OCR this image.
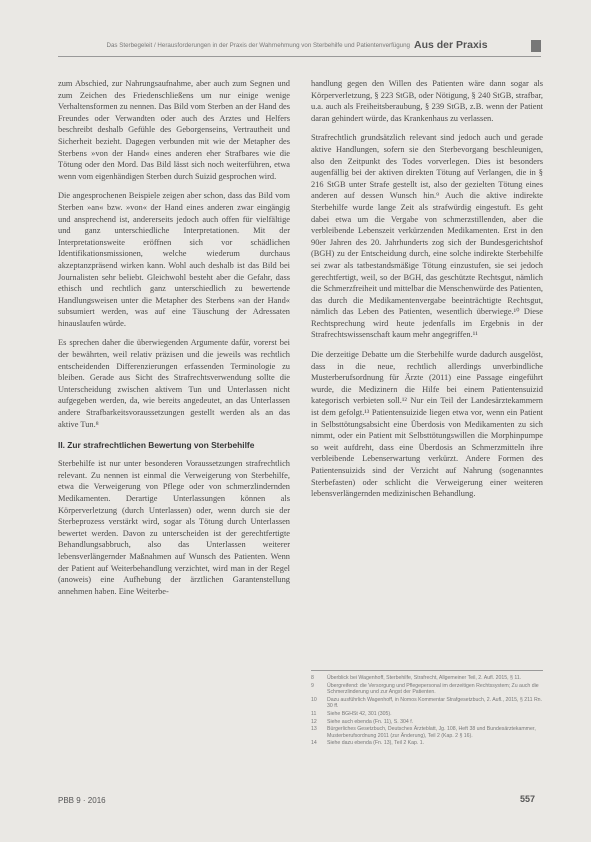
Das Sterbegeleit / Herausforderungen in der Praxis der Wahrnehmung von Sterbehilfe und Patientenverfügung Aus der Praxis

zum Abschied, zur Nahrungsaufnahme, aber auch zum Segnen und zum Zeichen des Friedenschließens um nur einige wenige Verhaltensformen zu nennen. Das Bild vom Sterben an der Hand des Freundes oder Verwandten oder auch des Arztes und Helfers beschreibt deshalb Gefühle des Geborgenseins, Vertrautheit und Sicherheit bezieht. Dagegen verbunden mit wie der Metapher des Sterbens »von der Hand« eines anderen eher Strafbares wie die Tötung oder den Mord. Das Bild lässt sich noch weiterführen, etwa wenn vom eigenhändigen Sterben durch Suizid gesprochen wird.

Die angesprochenen Beispiele zeigen aber schon, dass das Bild vom Sterben »an« bzw. »von« der Hand eines anderen zwar eingängig und ansprechend ist, andererseits jedoch auch offen für vielfältige und ganz unterschiedliche Interpretationen. Mit der Interpretationsweite eröffnen sich vor schädlichen Identifikationsmissionen, welche wiederum durchaus akzeptanzpräsend wirken kann. Wohl auch deshalb ist das Bild bei Journalisten sehr beliebt. Gleichwohl besteht aber die Gefahr, dass ethisch und rechtlich ganz unterschiedlich zu bewertende Handlungsweisen unter die Metapher des Sterbens »an der Hand« subsumiert werden, was auf eine Täuschung der Adressaten hinauslaufen würde.

Es sprechen daher die überwiegenden Argumente dafür, vorerst bei der bewährten, weil relativ präzisen und die jeweils was rechtlich entscheidenden Differenzierungen erfassenden Terminologie zu bleiben. Gerade aus Sicht des Strafrechtsverwendung sollte die Unterscheidung zwischen aktivem Tun und Unterlassen nicht aufgegeben werden, da, wie bereits angedeutet, an das Unterlassen andere Strafbarkeitsvoraussetzungen gestellt werden als an das aktive Tun.⁸

II. Zur strafrechtlichen Bewertung von Sterbehilfe

Sterbehilfe ist nur unter besonderen Voraussetzungen strafrechtlich relevant. Zu nennen ist einmal die Verweigerung von Sterbehilfe, etwa die Verweigerung von Pflege oder von schmerzlindernden Medikamenten. Derartige Unterlassungen können als Körperverletzung (durch Unterlassen) oder, wenn durch sie der Sterbeprozess verstärkt wird, sogar als Tötung durch Unterlassen bewertet werden. Davon zu unterscheiden ist der gerechtfertigte Behandlungsabbruch, also das Unterlassen weiterer lebensverlängernder Maßnahmen auf Wunsch des Patienten. Wenn der Patient auf Weiterbehandlung verzichtet, wird man in der Regel (anoweis) eine Aufhebung der ärztlichen Garantenstellung annehmen haben. Eine Weiterbe-

handlung gegen den Willen des Patienten wäre dann sogar als Körperverletzung, § 223 StGB, oder Nötigung, § 240 StGB, strafbar, u.a. auch als Freiheitsberaubung, § 239 StGB, z.B. wenn der Patient daran gehindert würde, das Krankenhaus zu verlassen.

Strafrechtlich grundsätzlich relevant sind jedoch auch und gerade aktive Handlungen, sofern sie den Sterbevorgang beschleunigen, also den Zeitpunkt des Todes vorverlegen. Dies ist besonders augenfällig bei der aktiven direkten Tötung auf Verlangen, die in § 216 StGB unter Strafe gestellt ist, also der gezielten Tötung eines anderen auf dessen Wunsch hin.⁹ Auch die aktive indirekte Sterbehilfe wurde lange Zeit als strafwürdig eingestuft. Es geht dabei etwa um die Vergabe von schmerzstillenden, aber die verbleibende Lebenszeit verkürzenden Medikamenten. Erst in den 90er Jahren des 20. Jahrhunderts zog sich der Bundesgerichtshof (BGH) zu der Entscheidung durch, eine solche indirekte Sterbehilfe sei zwar als tatbestandsmäßige Tötung einzustufen, sie sei jedoch gerechtfertigt, weil, so der BGH, das geschützte Rechtsgut, nämlich die Schmerzfreiheit und mittelbar die Menschenwürde des Patienten, das durch die Medikamentenvergabe beeinträchtigte Rechtsgut, nämlich das Leben des Patienten, wesentlich überwiege.¹⁰ Diese Rechtsprechung wird heute jedenfalls im Ergebnis in der Strafrechtswissenschaft kaum mehr angegriffen.¹¹

Die derzeitige Debatte um die Sterbehilfe wurde dadurch ausgelöst, dass in die neue, rechtlich allerdings unverbindliche Musterberufsordnung für Ärzte (2011) eine Passage eingeführt wurde, die Medizinern die Hilfe bei einem Patientensuizid kategorisch verbieten soll.¹² Nur ein Teil der Landesärztekammern ist dem gefolgt.¹³ Patientensuizide liegen etwa vor, wenn ein Patient in Selbsttötungsabsicht eine Überdosis von Medikamenten zu sich nimmt, oder ein Patient mit Selbsttötungswillen die Morphinpumpe so weit aufdreht, dass eine Überdosis an Schmerzmitteln ihre verbleibende Lebenserwartung verkürzt. Andere Formen des Patientensuizids sind der Verzicht auf Nahrung (sogenanntes Sterbefasten) oder schlicht die Verweigerung einer weiteren lebensverlängernden medizinischen Behandlung.

8	Überblick bei Wagenhoff, Sterbehilfe, Strafrecht, Allgemeiner Teil, 2. Aufl. 2015, § 11.
9	Übergreifend: die Versorgung und Pflegepersonal im derzeitigen Rechtssystem; Zu auch die Schmerzlinderung und zur Angst der Patienten.
10	Dazu ausführlich Wagenhoff, in Nomos Kommentar Strafgesetzbuch, 2. Aufl., 2015, § 211 Rn. 30 ff.
11	Siehe BGHSt 42, 301 (305).
12	Siehe auch ebenda (Fn. 11), S. 304 f.
13	Bürgerliches Gesetzbuch, Deutsches Ärzteblatt, Jg. 108, Heft 38 und Bundesärztekammer, Musterberufsordnung 2011 (zur Änderung), Teil 2 (Kap. 2 § 16).
14	Siehe dazu ebenda (Fn. 13), Teil 2 Kap. 1.
PBB 9 · 2016	557
